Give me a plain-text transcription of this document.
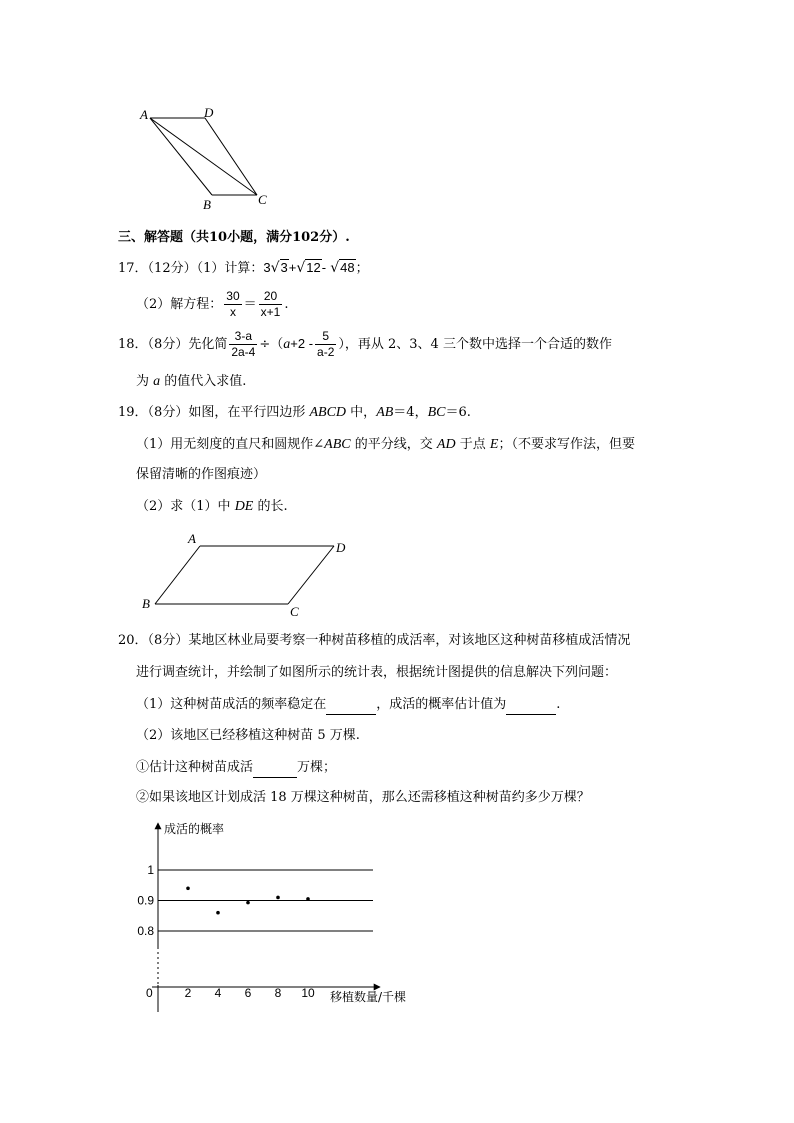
A	D
B	C
三、解答题（共10小题，满分102分）.
17．（12分）（1）计算：3√3+√12- √48；
（2）解方程： $\frac{30}{x} = \frac{20}{x+1}$ .
18．（8分）先化简 $\frac{3-a}{2a-4} \div(a+2 - \frac{5}{a-2}$ ），再从 2、3、4 三个数中选择一个合适的数作
为 a 的值代入求值.
19．（8分）如图，在平行四边形 ABCD 中，AB＝4，BC＝6.
（1）用无刻度的直尺和圆规作∠ABC 的平分线，交 AD 于点 E；（不要求写作法，但要
保留清晰的作图痕迹）
（2）求（1）中 DE 的长.
A
D
B
C
20．（8分）某地区林业局要考察一种树苗移植的成活率，对该地区这种树苗移植成活情况
进行调查统计，并绘制了如图所示的统计表，根据统计图提供的信息解决下列问题：
（1）这种树苗成活的频率稳定在	，成活的概率估计值为	.
（2）该地区已经移植这种树苗 5 万棵.
①估计这种树苗成活	万棵；
②如果该地区计划成活 18 万棵这种树苗，那么还需移植这种树苗约多少万棵？
成活的概率
移植数量/千棵
0
0.8
0.9
1
2 4 6 8 10
